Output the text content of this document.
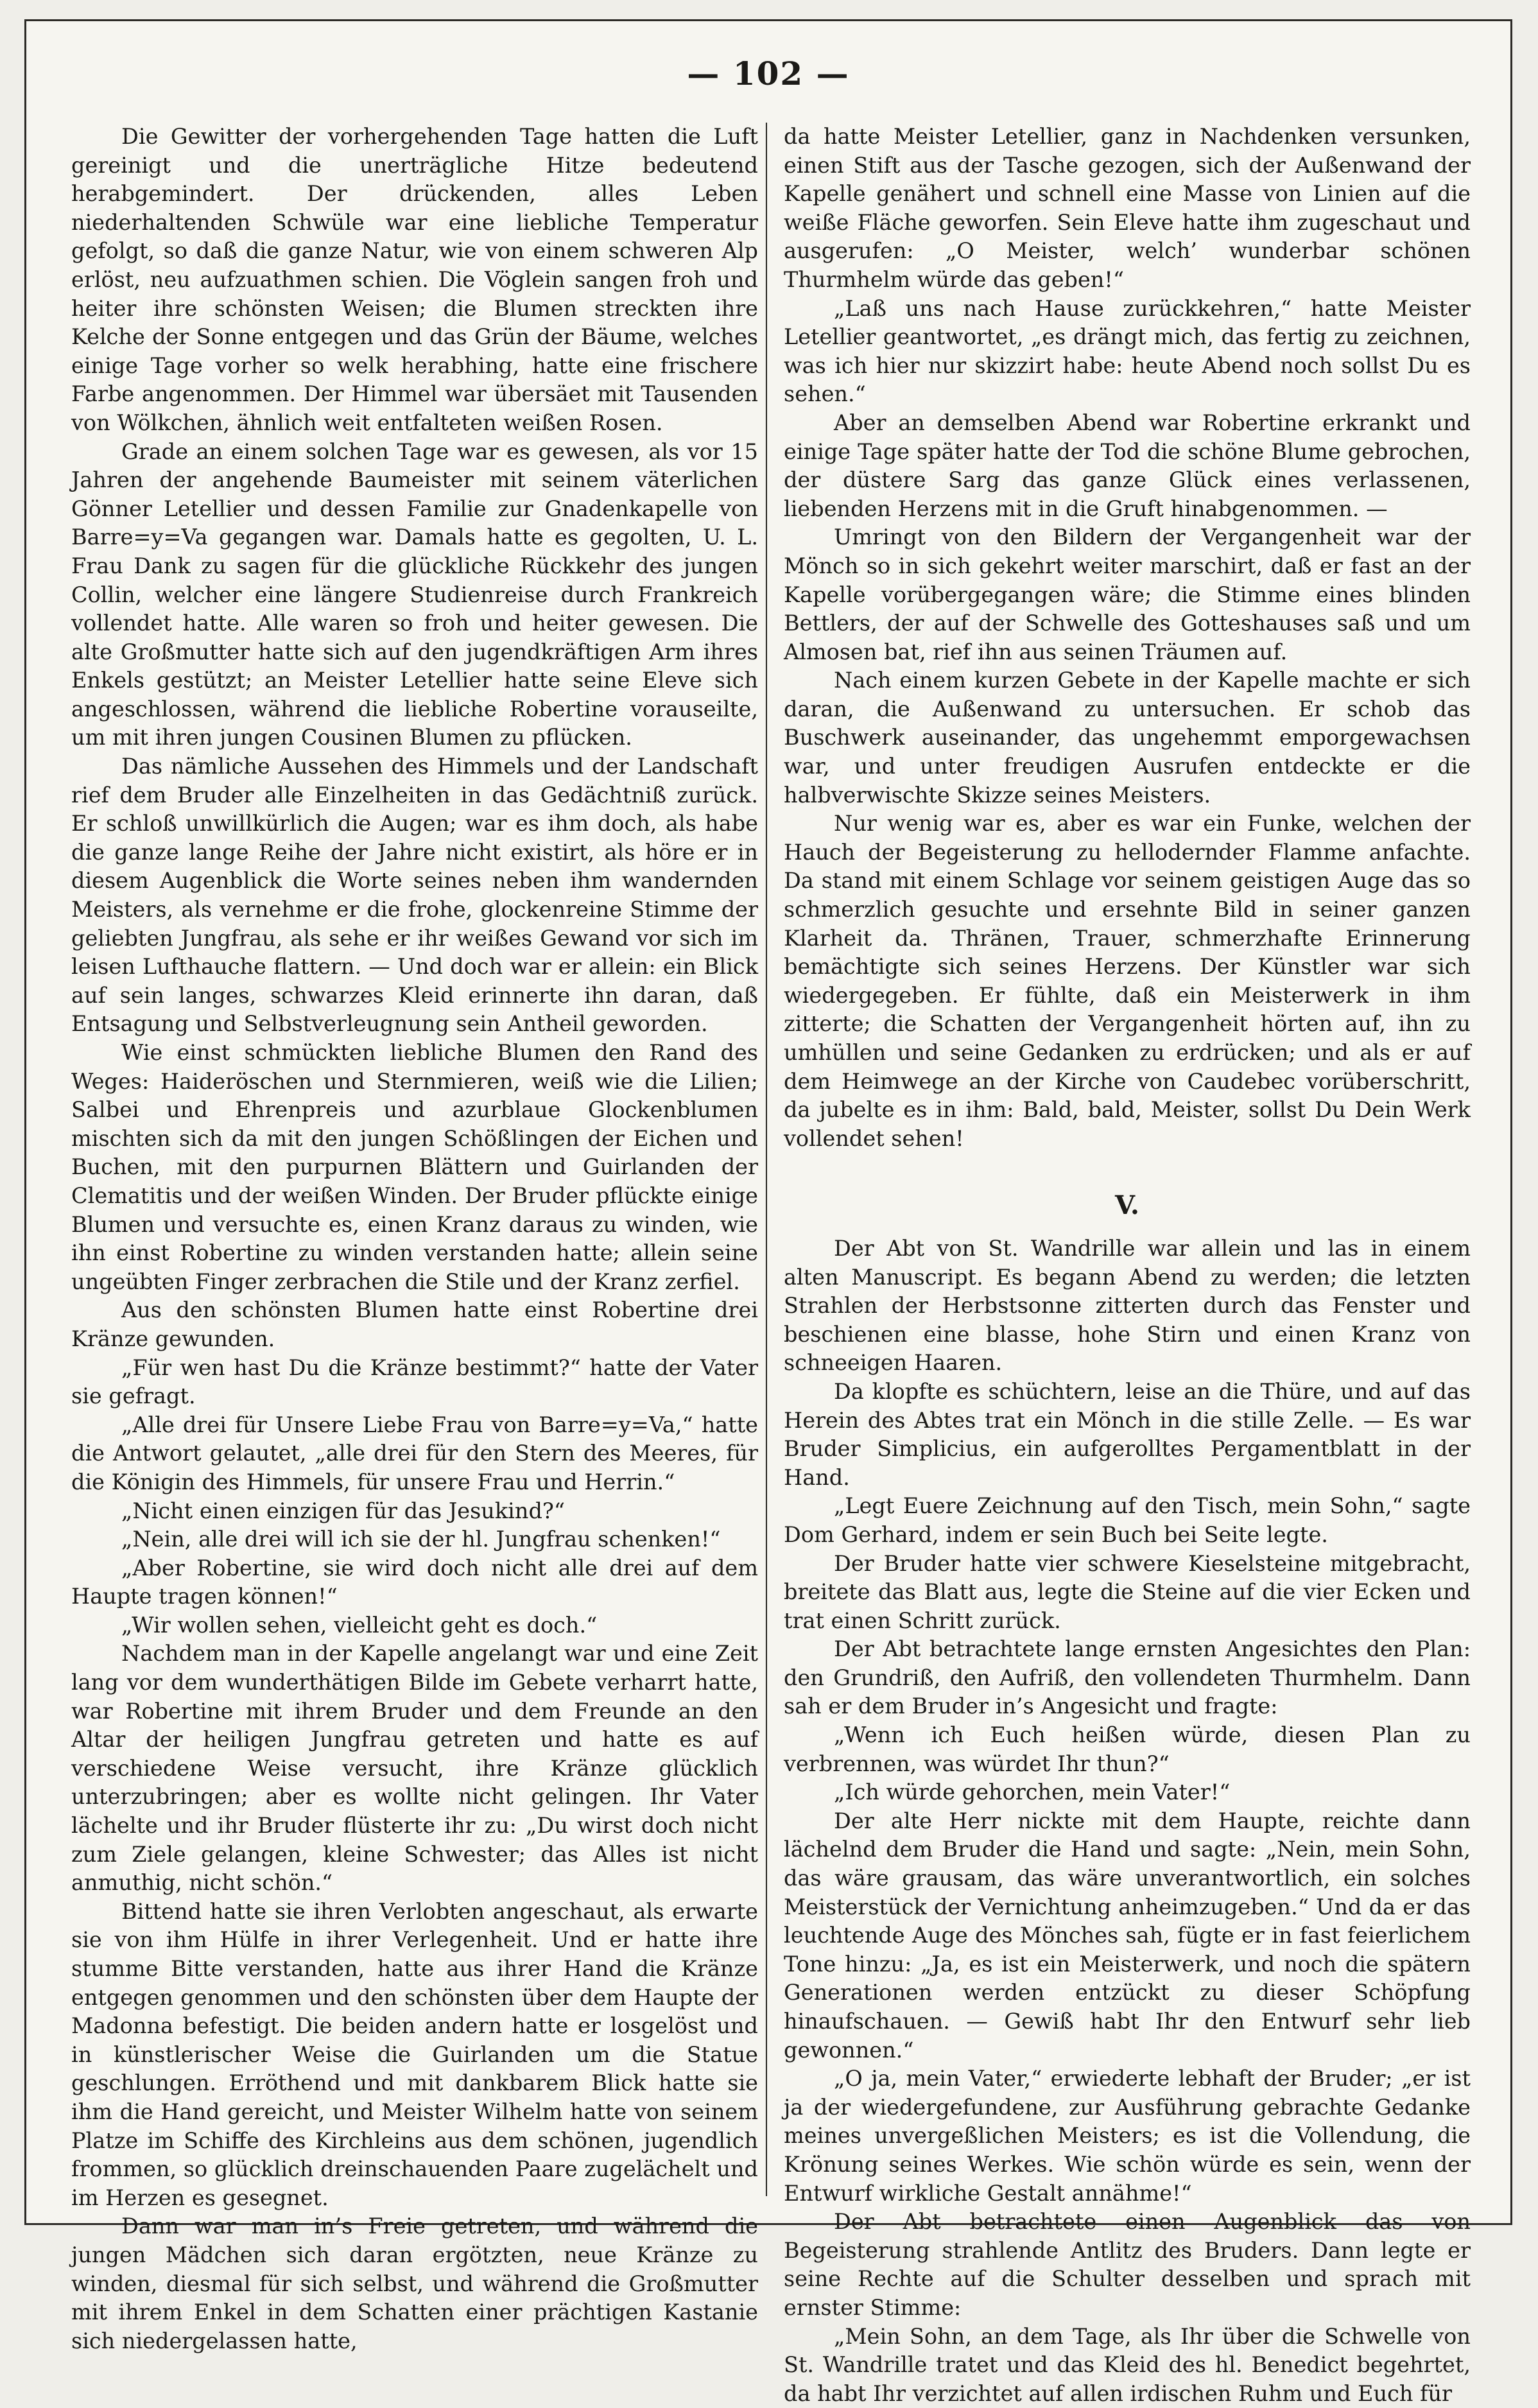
— 102 —

Die Gewitter der vorhergehenden Tage hatten die Luft gereinigt und die unerträgliche Hitze bedeutend herabgemindert. Der drückenden, alles Leben niederhaltenden Schwüle war eine liebliche Temperatur gefolgt, so daß die ganze Natur, wie von einem schweren Alp erlöst, neu aufzuathmen schien. Die Vöglein sangen froh und heiter ihre schönsten Weisen; die Blumen streckten ihre Kelche der Sonne entgegen und das Grün der Bäume, welches einige Tage vorher so welk herabhing, hatte eine frischere Farbe angenommen. Der Himmel war übersäet mit Tausenden von Wölkchen, ähnlich weit entfalteten weißen Rosen.

Grade an einem solchen Tage war es gewesen, als vor 15 Jahren der angehende Baumeister mit seinem väterlichen Gönner Letellier und dessen Familie zur Gnadenkapelle von Barre=y=Va gegangen war. Damals hatte es gegolten, U. L. Frau Dank zu sagen für die glückliche Rückkehr des jungen Collin, welcher eine längere Studienreise durch Frankreich vollendet hatte. Alle waren so froh und heiter gewesen. Die alte Großmutter hatte sich auf den jugendkräftigen Arm ihres Enkels gestützt; an Meister Letellier hatte seine Eleve sich angeschlossen, während die liebliche Robertine vorauseilte, um mit ihren jungen Cousinen Blumen zu pflücken.

Das nämliche Aussehen des Himmels und der Landschaft rief dem Bruder alle Einzelheiten in das Gedächtniß zurück. Er schloß unwillkürlich die Augen; war es ihm doch, als habe die ganze lange Reihe der Jahre nicht existirt, als höre er in diesem Augenblick die Worte seines neben ihm wandernden Meisters, als vernehme er die frohe, glockenreine Stimme der geliebten Jungfrau, als sehe er ihr weißes Gewand vor sich im leisen Lufthauche flattern. — Und doch war er allein: ein Blick auf sein langes, schwarzes Kleid erinnerte ihn daran, daß Entsagung und Selbstverleugnung sein Antheil geworden.

Wie einst schmückten liebliche Blumen den Rand des Weges: Haideröschen und Sternmieren, weiß wie die Lilien; Salbei und Ehrenpreis und azurblaue Glockenblumen mischten sich da mit den jungen Schößlingen der Eichen und Buchen, mit den purpurnen Blättern und Guirlanden der Clematitis und der weißen Winden. Der Bruder pflückte einige Blumen und versuchte es, einen Kranz daraus zu winden, wie ihn einst Robertine zu winden verstanden hatte; allein seine ungeübten Finger zerbrachen die Stile und der Kranz zerfiel.

Aus den schönsten Blumen hatte einst Robertine drei Kränze gewunden.

„Für wen hast Du die Kränze bestimmt?“ hatte der Vater sie gefragt.

„Alle drei für Unsere Liebe Frau von Barre=y=Va,“ hatte die Antwort gelautet, „alle drei für den Stern des Meeres, für die Königin des Himmels, für unsere Frau und Herrin.“

„Nicht einen einzigen für das Jesukind?“

„Nein, alle drei will ich sie der hl. Jungfrau schenken!“

„Aber Robertine, sie wird doch nicht alle drei auf dem Haupte tragen können!“

„Wir wollen sehen, vielleicht geht es doch.“

Nachdem man in der Kapelle angelangt war und eine Zeit lang vor dem wunderthätigen Bilde im Gebete verharrt hatte, war Robertine mit ihrem Bruder und dem Freunde an den Altar der heiligen Jungfrau getreten und hatte es auf verschiedene Weise versucht, ihre Kränze glücklich unterzubringen; aber es wollte nicht gelingen. Ihr Vater lächelte und ihr Bruder flüsterte ihr zu: „Du wirst doch nicht zum Ziele gelangen, kleine Schwester; das Alles ist nicht anmuthig, nicht schön.“

Bittend hatte sie ihren Verlobten angeschaut, als erwarte sie von ihm Hülfe in ihrer Verlegenheit. Und er hatte ihre stumme Bitte verstanden, hatte aus ihrer Hand die Kränze entgegen genommen und den schönsten über dem Haupte der Madonna befestigt. Die beiden andern hatte er losgelöst und in künstlerischer Weise die Guirlanden um die Statue geschlungen. Erröthend und mit dankbarem Blick hatte sie ihm die Hand gereicht, und Meister Wilhelm hatte von seinem Platze im Schiffe des Kirchleins aus dem schönen, jugendlich frommen, so glücklich dreinschauenden Paare zugelächelt und im Herzen es gesegnet.

Dann war man in’s Freie getreten, und während die jungen Mädchen sich daran ergötzten, neue Kränze zu winden, diesmal für sich selbst, und während die Großmutter mit ihrem Enkel in dem Schatten einer prächtigen Kastanie sich niedergelassen hatte,

da hatte Meister Letellier, ganz in Nachdenken versunken, einen Stift aus der Tasche gezogen, sich der Außenwand der Kapelle genähert und schnell eine Masse von Linien auf die weiße Fläche geworfen. Sein Eleve hatte ihm zugeschaut und ausgerufen: „O Meister, welch’ wunderbar schönen Thurmhelm würde das geben!“

„Laß uns nach Hause zurückkehren,“ hatte Meister Letellier geantwortet, „es drängt mich, das fertig zu zeichnen, was ich hier nur skizzirt habe: heute Abend noch sollst Du es sehen.“

Aber an demselben Abend war Robertine erkrankt und einige Tage später hatte der Tod die schöne Blume gebrochen, der düstere Sarg das ganze Glück eines verlassenen, liebenden Herzens mit in die Gruft hinabgenommen. —

Umringt von den Bildern der Vergangenheit war der Mönch so in sich gekehrt weiter marschirt, daß er fast an der Kapelle vorübergegangen wäre; die Stimme eines blinden Bettlers, der auf der Schwelle des Gotteshauses saß und um Almosen bat, rief ihn aus seinen Träumen auf.

Nach einem kurzen Gebete in der Kapelle machte er sich daran, die Außenwand zu untersuchen. Er schob das Buschwerk auseinander, das ungehemmt emporgewachsen war, und unter freudigen Ausrufen entdeckte er die halbverwischte Skizze seines Meisters.

Nur wenig war es, aber es war ein Funke, welchen der Hauch der Begeisterung zu hellodernder Flamme anfachte. Da stand mit einem Schlage vor seinem geistigen Auge das so schmerzlich gesuchte und ersehnte Bild in seiner ganzen Klarheit da. Thränen, Trauer, schmerzhafte Erinnerung bemächtigte sich seines Herzens. Der Künstler war sich wiedergegeben. Er fühlte, daß ein Meisterwerk in ihm zitterte; die Schatten der Vergangenheit hörten auf, ihn zu umhüllen und seine Gedanken zu erdrücken; und als er auf dem Heimwege an der Kirche von Caudebec vorüberschritt, da jubelte es in ihm: Bald, bald, Meister, sollst Du Dein Werk vollendet sehen!

V.

Der Abt von St. Wandrille war allein und las in einem alten Manuscript. Es begann Abend zu werden; die letzten Strahlen der Herbstsonne zitterten durch das Fenster und beschienen eine blasse, hohe Stirn und einen Kranz von schneeigen Haaren.

Da klopfte es schüchtern, leise an die Thüre, und auf das Herein des Abtes trat ein Mönch in die stille Zelle. — Es war Bruder Simplicius, ein aufgerolltes Pergamentblatt in der Hand.

„Legt Euere Zeichnung auf den Tisch, mein Sohn,“ sagte Dom Gerhard, indem er sein Buch bei Seite legte.

Der Bruder hatte vier schwere Kieselsteine mitgebracht, breitete das Blatt aus, legte die Steine auf die vier Ecken und trat einen Schritt zurück.

Der Abt betrachtete lange ernsten Angesichtes den Plan: den Grundriß, den Aufriß, den vollendeten Thurmhelm. Dann sah er dem Bruder in’s Angesicht und fragte:

„Wenn ich Euch heißen würde, diesen Plan zu verbrennen, was würdet Ihr thun?“

„Ich würde gehorchen, mein Vater!“

Der alte Herr nickte mit dem Haupte, reichte dann lächelnd dem Bruder die Hand und sagte: „Nein, mein Sohn, das wäre grausam, das wäre unverantwortlich, ein solches Meisterstück der Vernichtung anheimzugeben.“ Und da er das leuchtende Auge des Mönches sah, fügte er in fast feierlichem Tone hinzu: „Ja, es ist ein Meisterwerk, und noch die spätern Generationen werden entzückt zu dieser Schöpfung hinaufschauen. — Gewiß habt Ihr den Entwurf sehr lieb gewonnen.“

„O ja, mein Vater,“ erwiederte lebhaft der Bruder; „er ist ja der wiedergefundene, zur Ausführung gebrachte Gedanke meines unvergeßlichen Meisters; es ist die Vollendung, die Krönung seines Werkes. Wie schön würde es sein, wenn der Entwurf wirkliche Gestalt annähme!“

Der Abt betrachtete einen Augenblick das von Begeisterung strahlende Antlitz des Bruders. Dann legte er seine Rechte auf die Schulter desselben und sprach mit ernster Stimme:

„Mein Sohn, an dem Tage, als Ihr über die Schwelle von St. Wandrille tratet und das Kleid des hl. Benedict begehrtet, da habt Ihr verzichtet auf allen irdischen Ruhm und Euch für
